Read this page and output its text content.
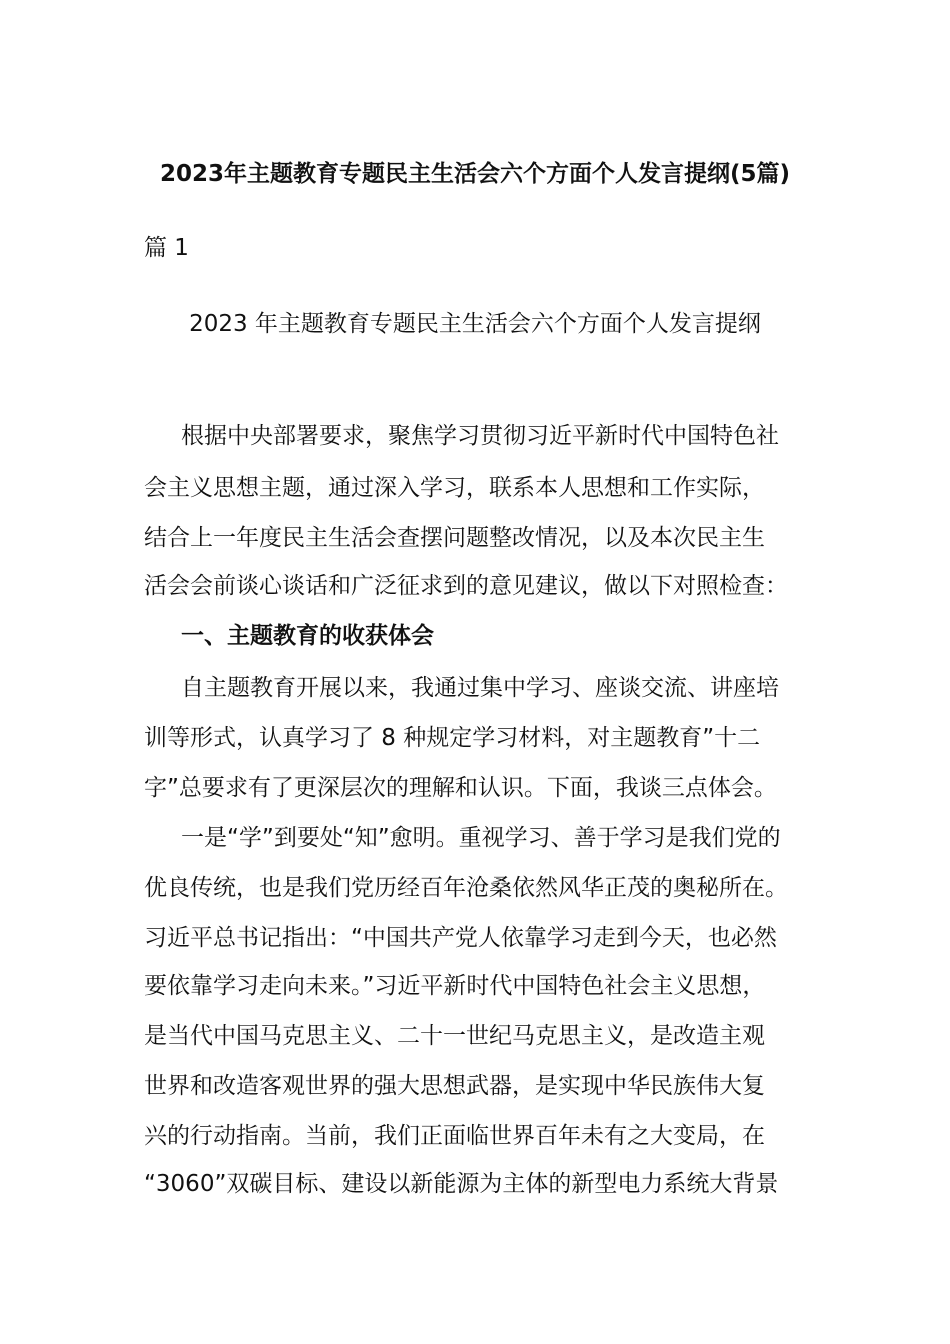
2023年主题教育专题民主生活会六个方面个人发言提纲(5篇)
篇 1
2023 年主题教育专题民主生活会六个方面个人发言提纲
根据中央部署要求，聚焦学习贯彻习近平新时代中国特色社
会主义思想主题，通过深入学习，联系本人思想和工作实际，
结合上一年度民主生活会查摆问题整改情况，以及本次民主生
活会会前谈心谈话和广泛征求到的意见建议，做以下对照检查：
一、主题教育的收获体会
自主题教育开展以来，我通过集中学习、座谈交流、讲座培
训等形式，认真学习了 8 种规定学习材料，对主题教育”十二
字”总要求有了更深层次的理解和认识。下面，我谈三点体会。
一是“学”到要处“知”愈明。重视学习、善于学习是我们党的
优良传统，也是我们党历经百年沧桑依然风华正茂的奥秘所在。
习近平总书记指出：“中国共产党人依靠学习走到今天，也必然
要依靠学习走向未来。”习近平新时代中国特色社会主义思想，
是当代中国马克思主义、二十一世纪马克思主义，是改造主观
世界和改造客观世界的强大思想武器，是实现中华民族伟大复
兴的行动指南。当前，我们正面临世界百年未有之大变局，在
“3060”双碳目标、建设以新能源为主体的新型电力系统大背景
